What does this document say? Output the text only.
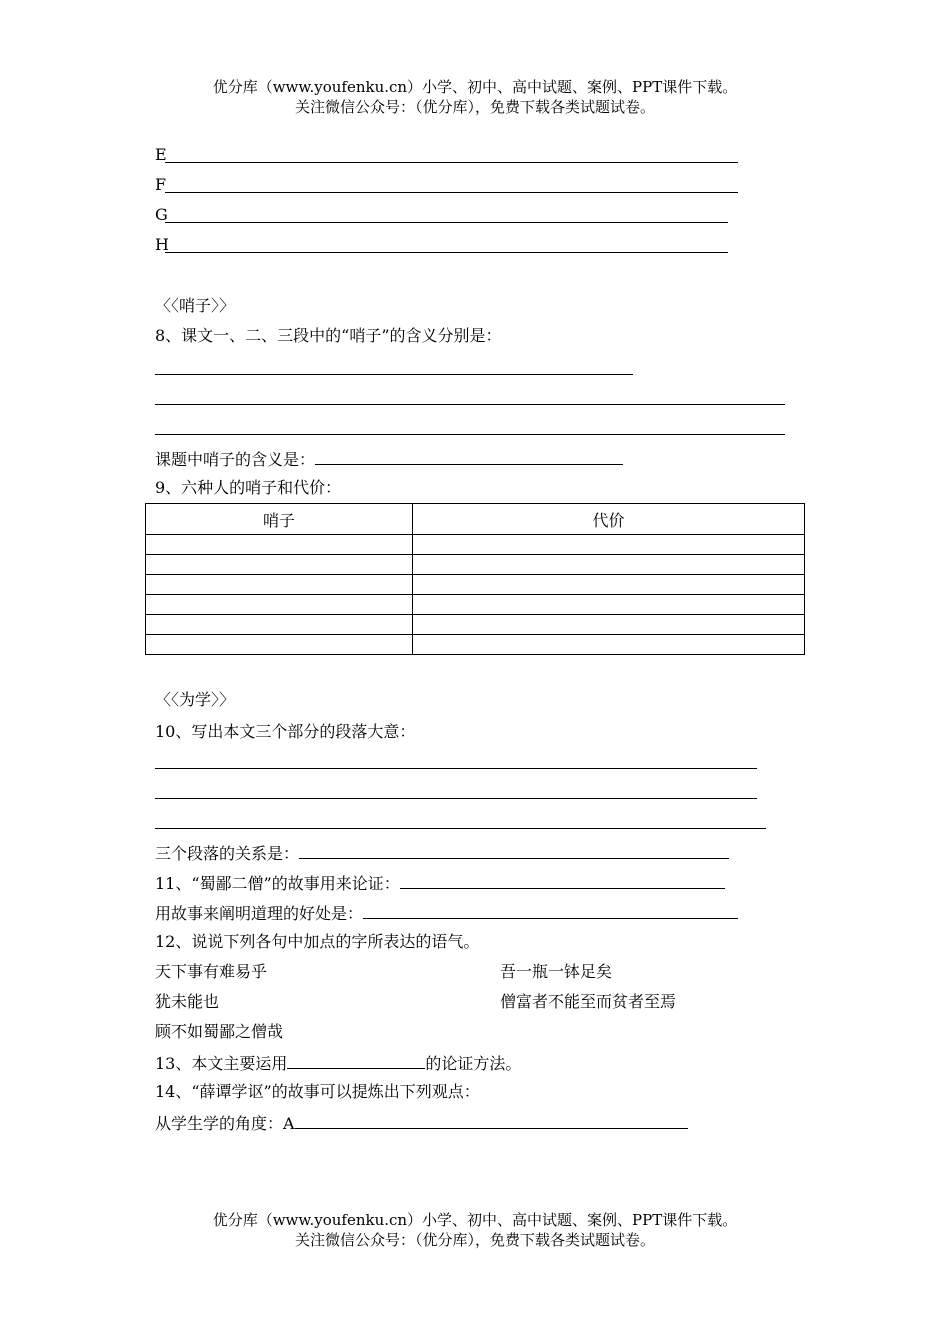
优分库（www.youfenku.cn）小学、初中、高中试题、案例、PPT课件下载。
关注微信公众号：（优分库），免费下载各类试题试卷。
E
F
G
H
〈〈哨子〉〉
8、课文一、二、三段中的“哨子”的含义分别是：
课题中哨子的含义是：
9、六种人的哨子和代价：
哨子	代价

〈〈为学〉〉
10、写出本文三个部分的段落大意：
三个段落的关系是：
11、“蜀鄙二僧”的故事用来论证：
用故事来阐明道理的好处是：
12、说说下列各句中加点的字所表达的语气。
天下事有难易乎	吾一瓶一钵足矣
犹未能也	僧富者不能至而贫者至焉
顾不如蜀鄙之僧哉
13、本文主要运用	的论证方法。
14、“薛谭学讴”的故事可以提炼出下列观点：
从学生学的角度：A
优分库（www.youfenku.cn）小学、初中、高中试题、案例、PPT课件下载。
关注微信公众号：（优分库），免费下载各类试题试卷。
